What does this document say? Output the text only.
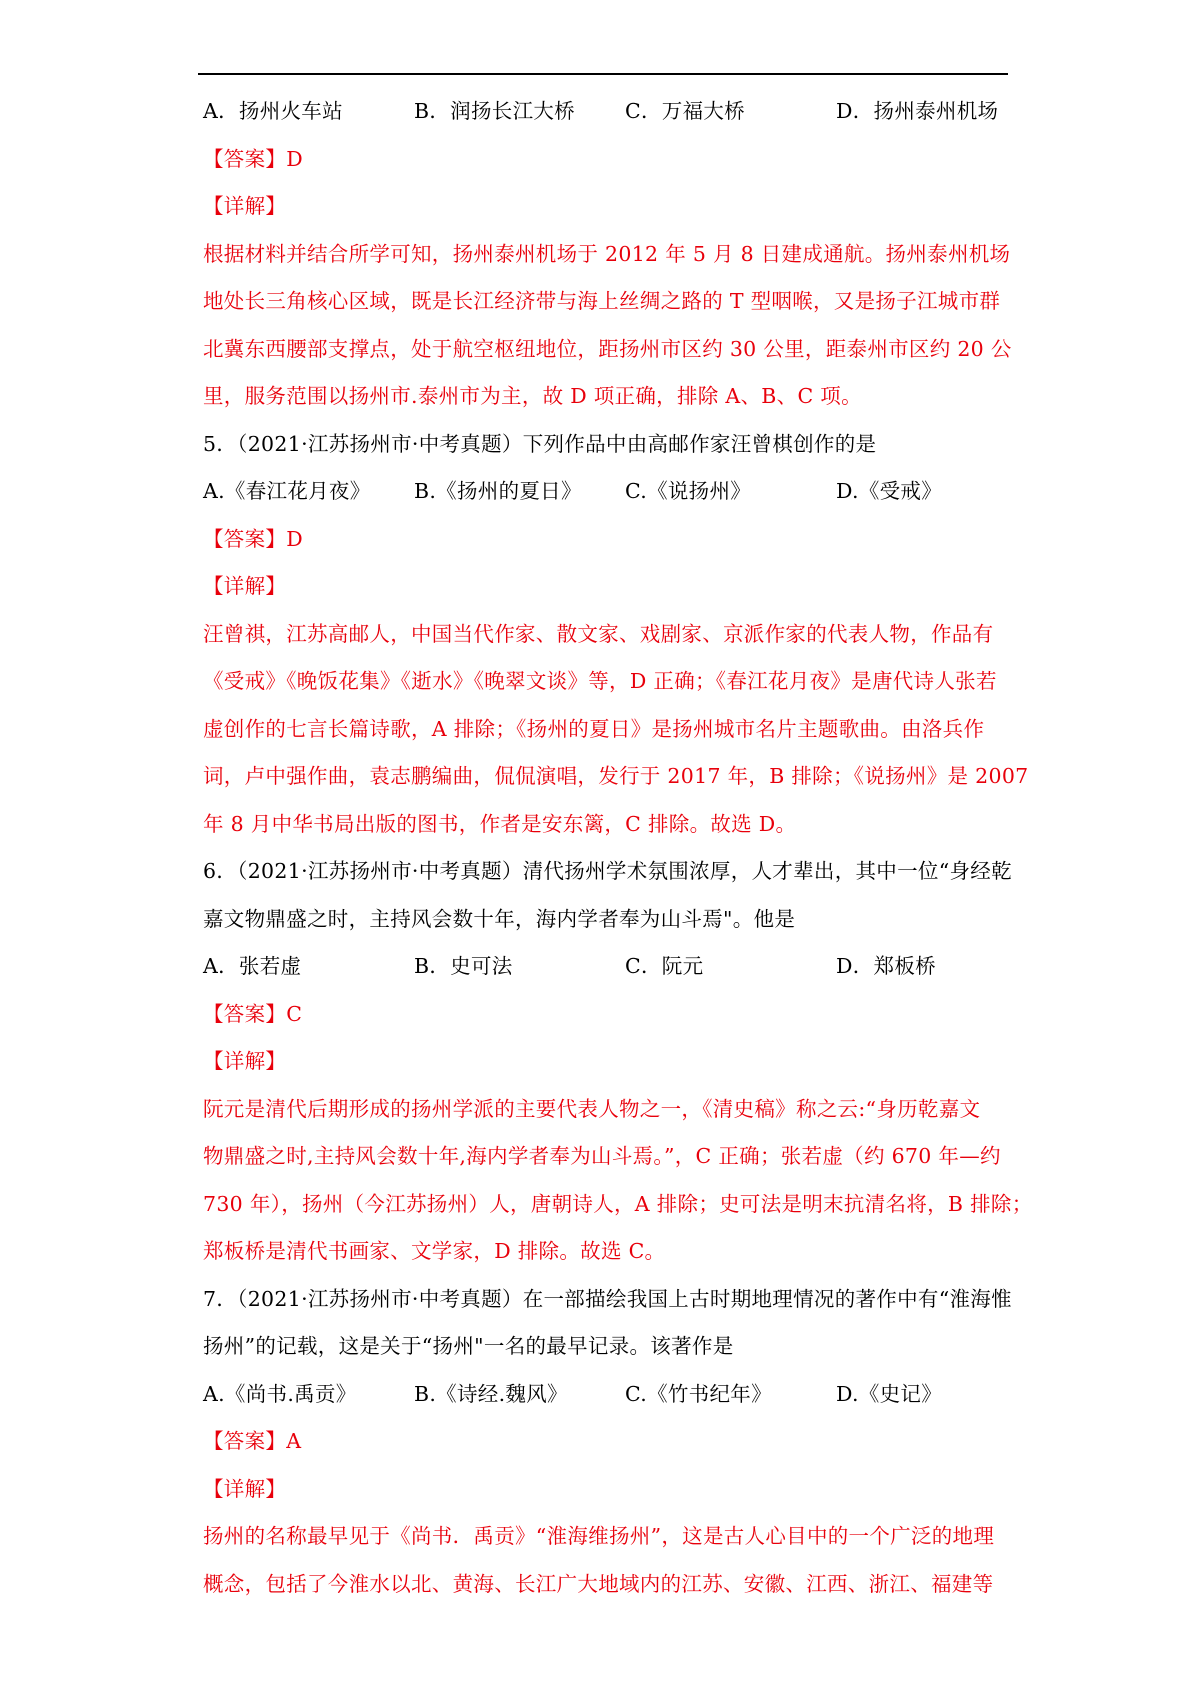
A．扬州火车站	B．润扬长江大桥	C．万福大桥	D．扬州泰州机场
【答案】D
【详解】
根据材料并结合所学可知，扬州泰州机场于 2012 年 5 月 8 日建成通航。扬州泰州机场
地处长三角核心区域，既是长江经济带与海上丝绸之路的 T 型咽喉，又是扬子江城市群
北冀东西腰部支撑点，处于航空枢纽地位，距扬州市区约 30 公里，距泰州市区约 20 公
里，服务范围以扬州市.泰州市为主，故 D 项正确，排除 A、B、C 项。
5．（2021·江苏扬州市·中考真题）下列作品中由高邮作家汪曾棋创作的是
A.《春江花月夜》	B.《扬州的夏日》	C.《说扬州》	D.《受戒》
【答案】D
【详解】
汪曾祺，江苏高邮人，中国当代作家、散文家、戏剧家、京派作家的代表人物，作品有
《受戒》《晚饭花集》《逝水》《晚翠文谈》等，D 正确；《春江花月夜》是唐代诗人张若
虚创作的七言长篇诗歌，A 排除；《扬州的夏日》是扬州城市名片主题歌曲。由洛兵作
词，卢中强作曲，袁志鹏编曲，侃侃演唱，发行于 2017 年，B 排除；《说扬州》是 2007
年 8 月中华书局出版的图书，作者是安东篱，C 排除。故选 D。
6．（2021·江苏扬州市·中考真题）清代扬州学术氛围浓厚，人才辈出，其中一位“身经乾
嘉文物鼎盛之时，主持风会数十年，海内学者奉为山斗焉"。他是
A．张若虚	B．史可法	C．阮元	D．郑板桥
【答案】C
【详解】
阮元是清代后期形成的扬州学派的主要代表人物之一，《清史稿》称之云:“身历乾嘉文
物鼎盛之时,主持风会数十年,海内学者奉为山斗焉。”，C 正确；张若虚（约 670 年—约
730 年），扬州（今江苏扬州）人，唐朝诗人，A 排除；史可法是明末抗清名将，B 排除；
郑板桥是清代书画家、文学家，D 排除。故选 C。
7．（2021·江苏扬州市·中考真题）在一部描绘我国上古时期地理情况的著作中有“淮海惟
扬州”的记载，这是关于“扬州"一名的最早记录。该著作是
A.《尚书.禹贡》	B.《诗经.魏风》	C.《竹书纪年》	D.《史记》
【答案】A
【详解】
扬州的名称最早见于《尚书．禹贡》“淮海维扬州”，这是古人心目中的一个广泛的地理
概念，包括了今淮水以北、黄海、长江广大地域内的江苏、安徽、江西、浙江、福建等
